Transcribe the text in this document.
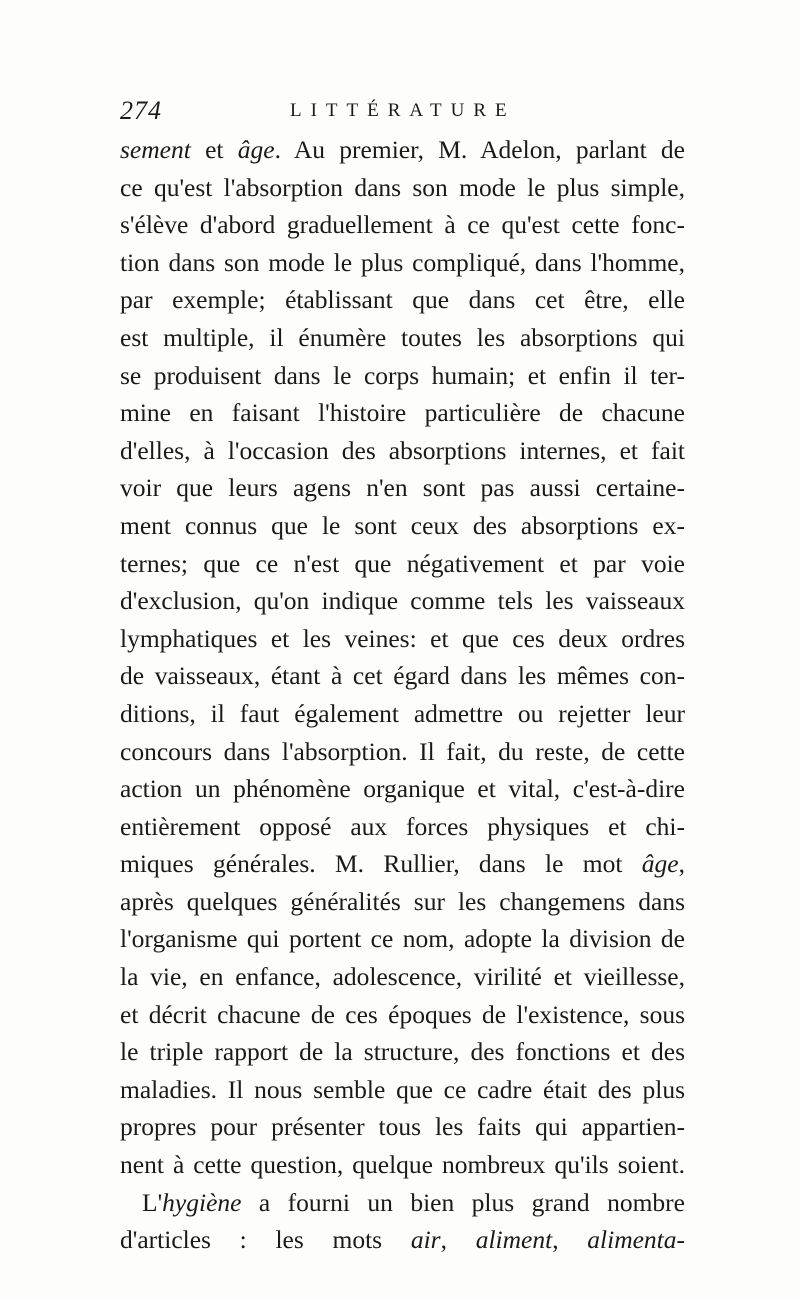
274	LITTÉRATURE
sement et âge. Au premier, M. Adelon, parlant de
ce qu'est l'absorption dans son mode le plus simple,
s'élève d'abord graduellement à ce qu'est cette fonc-
tion dans son mode le plus compliqué, dans l'homme,
par exemple; établissant que dans cet être, elle
est multiple, il énumère toutes les absorptions qui
se produisent dans le corps humain; et enfin il ter-
mine en faisant l'histoire particulière de chacune
d'elles, à l'occasion des absorptions internes, et fait
voir que leurs agens n'en sont pas aussi certaine-
ment connus que le sont ceux des absorptions ex-
ternes; que ce n'est que négativement et par voie
d'exclusion, qu'on indique comme tels les vaisseaux
lymphatiques et les veines: et que ces deux ordres
de vaisseaux, étant à cet égard dans les mêmes con-
ditions, il faut également admettre ou rejetter leur
concours dans l'absorption. Il fait, du reste, de cette
action un phénomène organique et vital, c'est-à-dire
entièrement opposé aux forces physiques et chi-
miques générales. M. Rullier, dans le mot âge,
après quelques généralités sur les changemens dans
l'organisme qui portent ce nom, adopte la division de
la vie, en enfance, adolescence, virilité et vieillesse,
et décrit chacune de ces époques de l'existence, sous
le triple rapport de la structure, des fonctions et des
maladies. Il nous semble que ce cadre était des plus
propres pour présenter tous les faits qui appartien-
nent à cette question, quelque nombreux qu'ils soient.
L'hygiène a fourni un bien plus grand nombre
d'articles : les mots air, aliment, alimenta-
